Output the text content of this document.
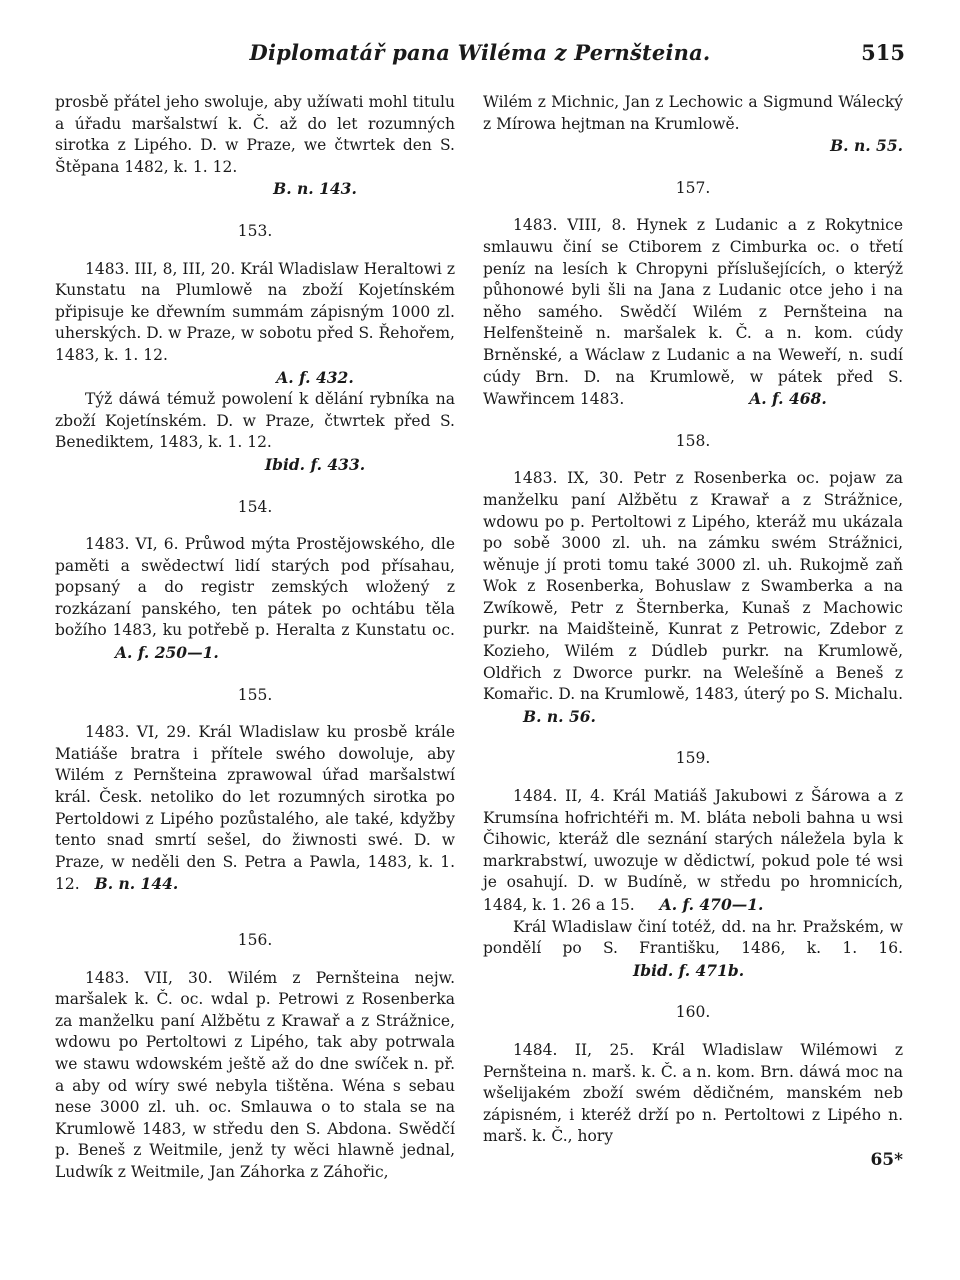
Diplomatář pana Wiléma z Pernšteina.	515

prosbě přátel jeho swoluje, aby užíwati mohl titulu a úřadu maršalstwí k. Č. až do let rozumných sirotka z Lipého. D. w Praze, we čtwrtek den S. Štěpana 1482, k. 1. 12.

B. n. 143.

153.

1483. III, 8, III, 20. Král Wladislaw Heraltowi z Kunstatu na Plumlowě na zboží Kojetínském připisuje ke dřewním summám zápisným 1000 zl. uherských. D. w Praze, w sobotu před S. Řehořem, 1483, k. 1. 12.

A. f. 432.

Týž dáwá témuž powolení k dělání rybníka na zboží Kojetínském. D. w Praze, čtwrtek před S. Benediktem, 1483, k. 1. 12.

Ibid. f. 433.

154.

1483. VI, 6. Průwod mýta Prostějowského, dle paměti a swědectwí lidí starých pod přísahau, popsaný a do registr zemských wložený z rozkázaní panského, ten pátek po ochtábu těla božího 1483, ku potřebě p. Heralta z Kunstatu oc. A. f. 250—1.

155.

1483. VI, 29. Král Wladislaw ku prosbě krále Matiáše bratra i přítele swého dowoluje, aby Wilém z Pernšteina zprawowal úřad maršalstwí král. Česk. netoliko do let rozumných sirotka po Pertoldowi z Lipého pozůstalého, ale také, kdyžby tento snad smrtí sešel, do žiwnosti swé. D. w Praze, w neděli den S. Petra a Pawla, 1483, k. 1. 12. B. n. 144.

156.

1483. VII, 30. Wilém z Pernšteina nejw. maršalek k. Č. oc. wdal p. Petrowi z Rosenberka za manželku paní Alžbětu z Krawař a z Strážnice, wdowu po Pertoltowi z Lipého, tak aby potrwala we stawu wdowském ještě až do dne swíček n. př. a aby od wíry swé nebyla tištěna. Wéna s sebau nese 3000 zl. uh. oc. Smlauwa o to stala se na Krumlowě 1483, w středu den S. Abdona. Swědčí p. Beneš z Weitmile, jenž ty wěci hlawně jednal, Ludwík z Weitmile, Jan Záhorka z Záhořic,

Wilém z Michnic, Jan z Lechowic a Sigmund Wálecký z Mírowa hejtman na Krumlowě.

B. n. 55.

157.

1483. VIII, 8. Hynek z Ludanic a z Rokytnice smlauwu činí se Ctiborem z Cimburka oc. o třetí peníz na lesích k Chropyni příslušejících, o kterýž půhonowé byli šli na Jana z Ludanic otce jeho i na něho samého. Swědčí Wilém z Pernšteina na Helfenšteině n. maršalek k. Č. a n. kom. cúdy Brněnské, a Wáclaw z Ludanic a na Weweří, n. sudí cúdy Brn. D. na Krumlowě, w pátek před S. Wawřincem 1483.	A. f. 468.

158.

1483. IX, 30. Petr z Rosenberka oc. pojaw za manželku paní Alžbětu z Krawař a z Strážnice, wdowu po p. Pertoltowi z Lipého, kteráž mu ukázala po sobě 3000 zl. uh. na zámku swém Strážnici, wěnuje jí proti tomu také 3000 zl. uh. Rukojmě zaň Wok z Rosenberka, Bohuslaw z Swamberka a na Zwíkowě, Petr z Šternberka, Kunaš z Machowic purkr. na Maidšteině, Kunrat z Petrowic, Zdebor z Kozieho, Wilém z Dúdleb purkr. na Krumlowě, Oldřich z Dworce purkr. na Welešíně a Beneš z Komařic. D. na Krumlowě, 1483, úterý po S. Michalu. B. n. 56.

159.

1484. II, 4. Král Matiáš Jakubowi z Šárowa a z Krumsína hofrichtéři m. M. bláta neboli bahna u wsi Čihowic, kteráž dle seznání starých náležela byla k markrabstwí, uwozuje w dědictwí, pokud pole té wsi je osahují. D. w Budíně, w středu po hromnicích, 1484, k. 1. 26 a 15. A. f. 470—1.

Král Wladislaw činí totéž, dd. na hr. Pražském, w pondělí po S. Františku, 1486, k. 1. 16. Ibid. f. 471b.

160.

1484. II, 25. Král Wladislaw Wilémowi z Pernšteina n. marš. k. Č. a n. kom. Brn. dáwá moc na wšelijakém zboží swém dědičném, manském neb zápisném, i kteréž drží po n. Pertoltowi z Lipého n. marš. k. Č., hory

65*
